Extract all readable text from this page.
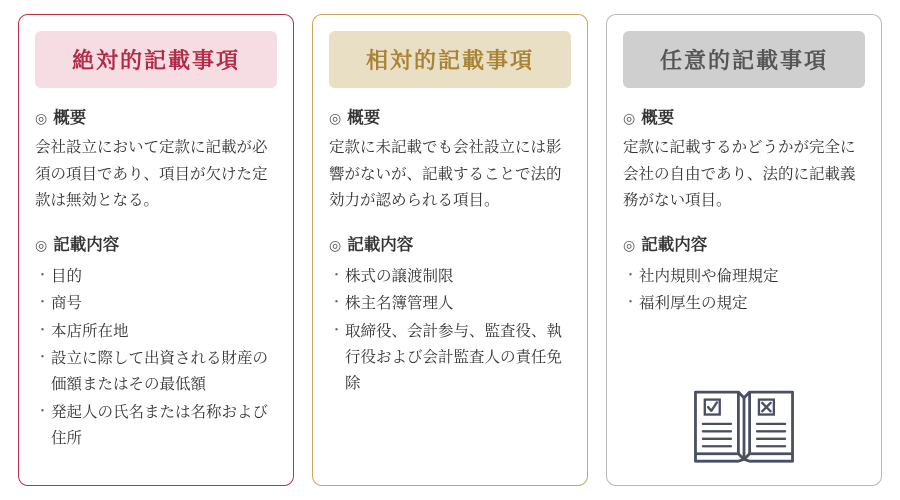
絶対的記載事項
◎ 概要

会社設立において定款に記載が必須の項目であり、項目が欠けた定款は無効となる。

◎ 記載内容
・ 目的
・ 商号
・ 本店所在地
・ 設立に際して出資される財産の価額またはその最低額
・ 発起人の氏名または名称および住所
相対的記載事項
◎ 概要

定款に未記載でも会社設立には影響がないが、記載することで法的効力が認められる項目。

◎ 記載内容
・ 株式の譲渡制限
・ 株主名簿管理人
・ 取締役、会計参与、監査役、執行役および会計監査人の責任免除
任意的記載事項
◎ 概要

定款に記載するかどうかが完全に会社の自由であり、法的に記載義務がない項目。

◎ 記載内容
・ 社内規則や倫理規定
・ 福利厚生の規定
